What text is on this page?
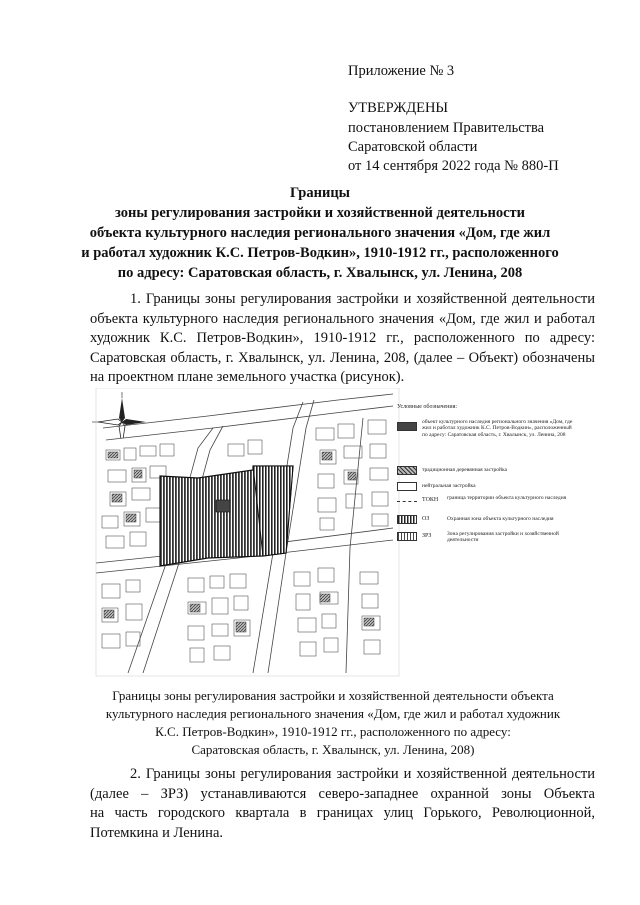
Приложение № 3
УТВЕРЖДЕНЫ
постановлением Правительства
Саратовской области
от 14 сентября 2022 года № 880-П
Границы
зоны регулирования застройки и хозяйственной деятельности
объекта культурного наследия регионального значения «Дом, где жил
и работал художник К.С. Петров-Водкин», 1910-1912 гг., расположенного
по адресу: Саратовская область, г. Хвалынск, ул. Ленина, 208
1. Границы зоны регулирования застройки и хозяйственной деятельности
объекта культурного наследия регионального значения «Дом, где жил и работал
художник К.С. Петров-Водкин», 1910-1912 гг., расположенного по адресу:
Саратовская область, г. Хвалынск, ул. Ленина, 208, (далее – Объект) обозначены
на проектном плане земельного участка (рисунок).
Условные обозначения:
объект культурного наследия регионального значения «Дом, где жил и работал художник К.С. Петров-Водкин», расположенный по адресу: Саратовская область, г. Хвалынск, ул. Ленина, 208
традиционная деревянная застройка
нейтральная застройка
ТОКН граница территории объекта культурного наследия
ОЗ	Охранная зона объекта культурного наследия
ЗРЗ	Зона регулирования застройки и хозяйственной деятельности
Границы зоны регулирования застройки и хозяйственной деятельности объекта
культурного наследия регионального значения «Дом, где жил и работал художник
К.С. Петров-Водкин», 1910-1912 гг., расположенного по адресу:
Саратовская область, г. Хвалынск, ул. Ленина, 208)
2. Границы зоны регулирования застройки и хозяйственной деятельности
(далее – ЗРЗ) устанавливаются северо-западнее охранной зоны Объекта
на часть городского квартала в границах улиц Горького, Революционной,
Потемкина и Ленина.
